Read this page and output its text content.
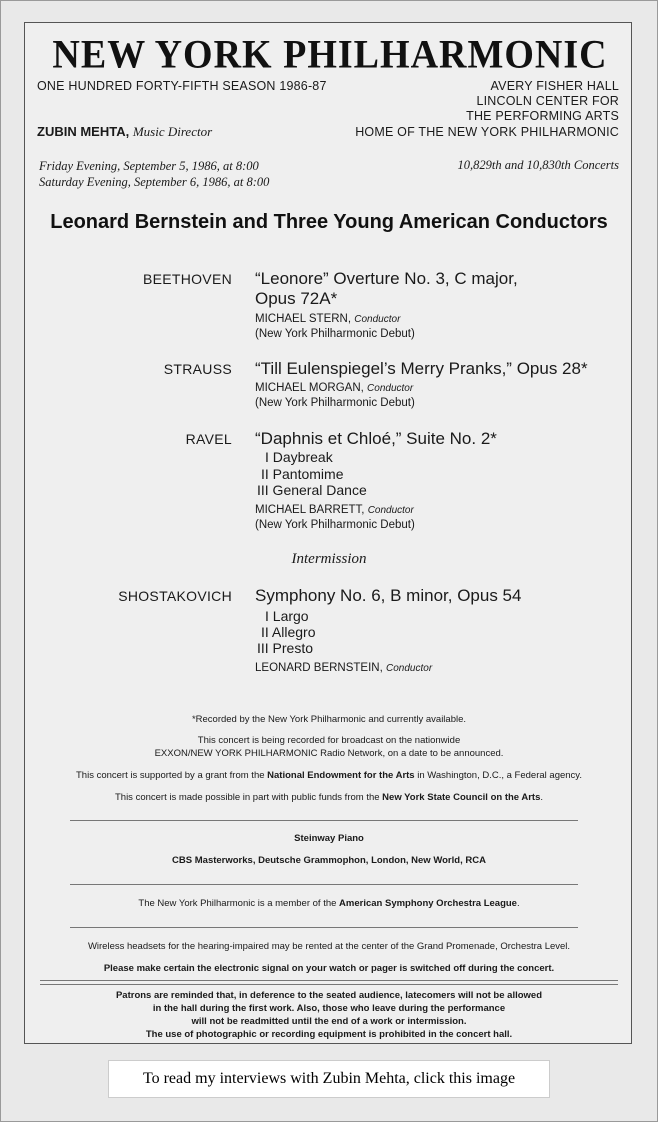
NEW YORK PHILHARMONIC
ONE HUNDRED FORTY-FIFTH SEASON 1986-87	AVERY FISHER HALL
LINCOLN CENTER FOR
THE PERFORMING ARTS
ZUBIN MEHTA, Music Director	HOME OF THE NEW YORK PHILHARMONIC
Friday Evening, September 5, 1986, at 8:00
Saturday Evening, September 6, 1986, at 8:00
10,829th and 10,830th Concerts
Leonard Bernstein and Three Young American Conductors
BEETHOVEN “Leonore” Overture No. 3, C major,
Opus 72A*
MICHAEL STERN, Conductor
(New York Philharmonic Debut)
STRAUSS “Till Eulenspiegel’s Merry Pranks,” Opus 28*
MICHAEL MORGAN, Conductor
(New York Philharmonic Debut)
RAVEL “Daphnis et Chloé,” Suite No. 2*
I Daybreak
II Pantomime
III General Dance
MICHAEL BARRETT, Conductor
(New York Philharmonic Debut)
Intermission
SHOSTAKOVICH Symphony No. 6, B minor, Opus 54
I Largo
II Allegro
III Presto
LEONARD BERNSTEIN, Conductor
*Recorded by the New York Philharmonic and currently available.
This concert is being recorded for broadcast on the nationwide
EXXON/NEW YORK PHILHARMONIC Radio Network, on a date to be announced.
This concert is supported by a grant from the National Endowment for the Arts in Washington, D.C., a Federal agency.
This concert is made possible in part with public funds from the New York State Council on the Arts.
Steinway Piano
CBS Masterworks, Deutsche Grammophon, London, New World, RCA
The New York Philharmonic is a member of the American Symphony Orchestra League.
Wireless headsets for the hearing-impaired may be rented at the center of the Grand Promenade, Orchestra Level.
Please make certain the electronic signal on your watch or pager is switched off during the concert.
Patrons are reminded that, in deference to the seated audience, latecomers will not be allowed
in the hall during the first work. Also, those who leave during the performance
will not be readmitted until the end of a work or intermission.
The use of photographic or recording equipment is prohibited in the concert hall.
To read my interviews with Zubin Mehta, click this image
